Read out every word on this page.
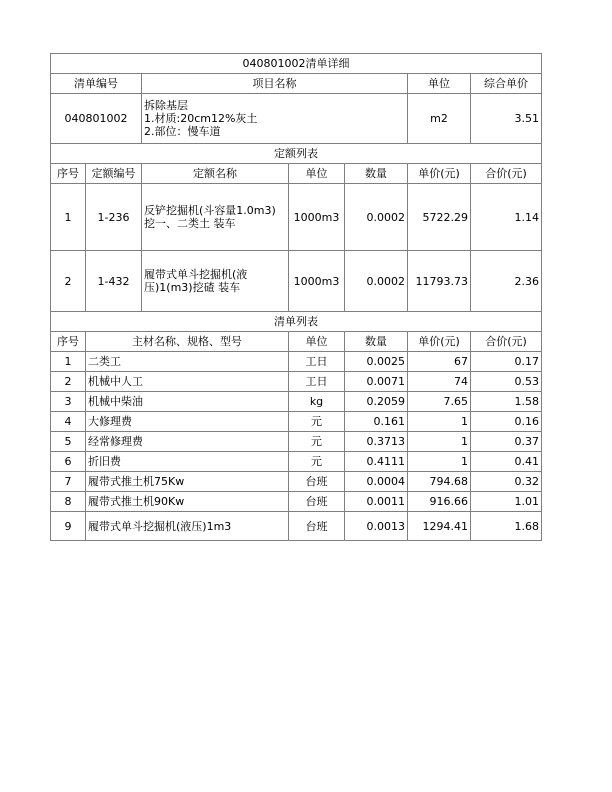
040801002清单详细						
清单编号		项目名称			单位	综合单价
040801002		拆除基层
1.材质:20cm12%灰土
2.部位：慢车道			m2	3.51
定额列表						
序号	定额编号	定额名称	单位	数量	单价(元)	合价(元)
1	1-236	反铲挖掘机(斗容量1.0m3) 挖一、二类土 装车	1000m3	0.0002	5722.29	1.14
2	1-432	履带式单斗挖掘机(液压)1(m3)挖碴 装车	1000m3	0.0002	11793.73	2.36
清单列表						
序号	主材名称、规格、型号		单位	数量	单价(元)	合价(元)
1	二类工		工日	0.0025	67	0.17
2	机械中人工		工日	0.0071	74	0.53
3	机械中柴油		kg	0.2059	7.65	1.58
4	大修理费		元	0.161	1	0.16
5	经常修理费		元	0.3713	1	0.37
6	折旧费		元	0.4111	1	0.41
7	履带式推土机75Kw		台班	0.0004	794.68	0.32
8	履带式推土机90Kw		台班	0.0011	916.66	1.01
9	履带式单斗挖掘机(液压)1m3		台班	0.0013	1294.41	1.68
